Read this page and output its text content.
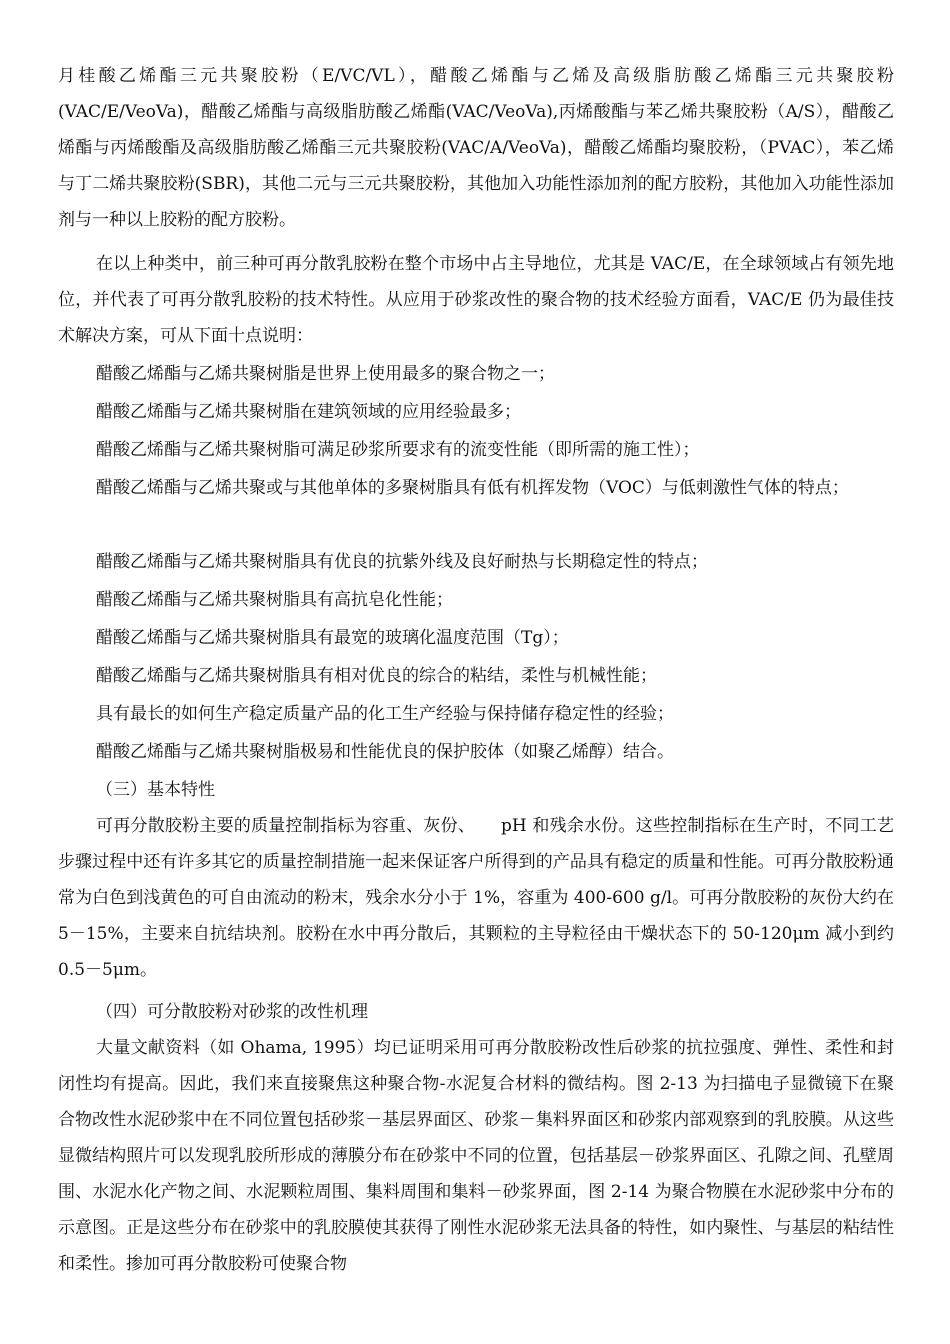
月桂酸乙烯酯三元共聚胶粉（E/VC/VL），醋酸乙烯酯与乙烯及高级脂肪酸乙烯酯三元共聚胶粉(VAC/E/VeoVa)，醋酸乙烯酯与高级脂肪酸乙烯酯(VAC/VeoVa),丙烯酸酯与苯乙烯共聚胶粉（A/S），醋酸乙烯酯与丙烯酸酯及高级脂肪酸乙烯酯三元共聚胶粉(VAC/A/VeoVa)，醋酸乙烯酯均聚胶粉，（PVAC），苯乙烯与丁二烯共聚胶粉(SBR)，其他二元与三元共聚胶粉，其他加入功能性添加剂的配方胶粉，其他加入功能性添加剂与一种以上胶粉的配方胶粉。

在以上种类中，前三种可再分散乳胶粉在整个市场中占主导地位，尤其是 VAC/E，在全球领域占有领先地位，并代表了可再分散乳胶粉的技术特性。从应用于砂浆改性的聚合物的技术经验方面看，VAC/E 仍为最佳技术解决方案，可从下面十点说明：

醋酸乙烯酯与乙烯共聚树脂是世界上使用最多的聚合物之一；

醋酸乙烯酯与乙烯共聚树脂在建筑领域的应用经验最多；

醋酸乙烯酯与乙烯共聚树脂可满足砂浆所要求有的流变性能（即所需的施工性）；

醋酸乙烯酯与乙烯共聚或与其他单体的多聚树脂具有低有机挥发物（VOC）与低刺激性气体的特点；

醋酸乙烯酯与乙烯共聚树脂具有优良的抗紫外线及良好耐热与长期稳定性的特点；

醋酸乙烯酯与乙烯共聚树脂具有高抗皂化性能；

醋酸乙烯酯与乙烯共聚树脂具有最宽的玻璃化温度范围（Tg）；

醋酸乙烯酯与乙烯共聚树脂具有相对优良的综合的粘结，柔性与机械性能；

具有最长的如何生产稳定质量产品的化工生产经验与保持储存稳定性的经验；

醋酸乙烯酯与乙烯共聚树脂极易和性能优良的保护胶体（如聚乙烯醇）结合。

（三）基本特性

可再分散胶粉主要的质量控制指标为容重、灰份、　　pH 和残余水份。这些控制指标在生产时，不同工艺步骤过程中还有许多其它的质量控制措施一起来保证客户所得到的产品具有稳定的质量和性能。可再分散胶粉通常为白色到浅黄色的可自由流动的粉末，残余水分小于 1%，容重为 400-600 g/l。可再分散胶粉的灰份大约在 5－15%，主要来自抗结块剂。胶粉在水中再分散后，其颗粒的主导粒径由干燥状态下的 50-120μm 减小到约 0.5－5μm。

（四）可分散胶粉对砂浆的改性机理

大量文献资料（如 Ohama, 1995）均已证明采用可再分散胶粉改性后砂浆的抗拉强度、弹性、柔性和封闭性均有提高。因此，我们来直接聚焦这种聚合物-水泥复合材料的微结构。图 2-13 为扫描电子显微镜下在聚合物改性水泥砂浆中在不同位置包括砂浆－基层界面区、砂浆－集料界面区和砂浆内部观察到的乳胶膜。从这些显微结构照片可以发现乳胶所形成的薄膜分布在砂浆中不同的位置，包括基层－砂浆界面区、孔隙之间、孔壁周围、水泥水化产物之间、水泥颗粒周围、集料周围和集料－砂浆界面，图 2-14 为聚合物膜在水泥砂浆中分布的示意图。正是这些分布在砂浆中的乳胶膜使其获得了刚性水泥砂浆无法具备的特性，如内聚性、与基层的粘结性和柔性。掺加可再分散胶粉可使聚合物
